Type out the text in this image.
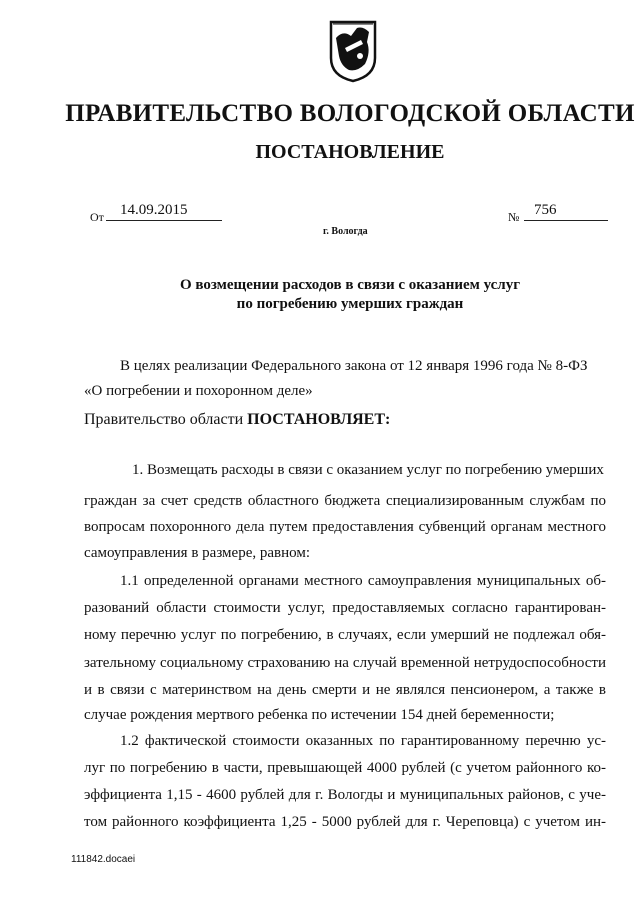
ПРАВИТЕЛЬСТВО ВОЛОГОДСКОЙ ОБЛАСТИ
ПОСТАНОВЛЕНИЕ
От	14.09.2015
г. Вологда
№ 756
О возмещении расходов в связи с оказанием услуг
по погребению умерших граждан
В целях реализации Федерального закона от 12 января 1996 года № 8-ФЗ
«О погребении и похоронном деле»
Правительство области ПОСТАНОВЛЯЕТ:
1. Возмещать расходы в связи с оказанием услуг по погребению умерших
граждан за счет средств областного бюджета специализированным службам по
вопросам похоронного дела путем предоставления субвенций органам местного
самоуправления в размере, равном:
1.1 определенной органами местного самоуправления муниципальных об-
разований области стоимости услуг, предоставляемых согласно гарантирован-
ному перечню услуг по погребению, в случаях, если умерший не подлежал обя-
зательному социальному страхованию на случай временной нетрудоспособности
и в связи с материнством на день смерти и не являлся пенсионером, а также в
случае рождения мертвого ребенка по истечении 154 дней беременности;
1.2 фактической стоимости оказанных по гарантированному перечню ус-
луг по погребению в части, превышающей 4000 рублей (с учетом районного ко-
эффициента 1,15 - 4600 рублей для г. Вологды и муниципальных районов, с уче-
том районного коэффициента 1,25 - 5000 рублей для г. Череповца) с учетом ин-
111842.docaei
